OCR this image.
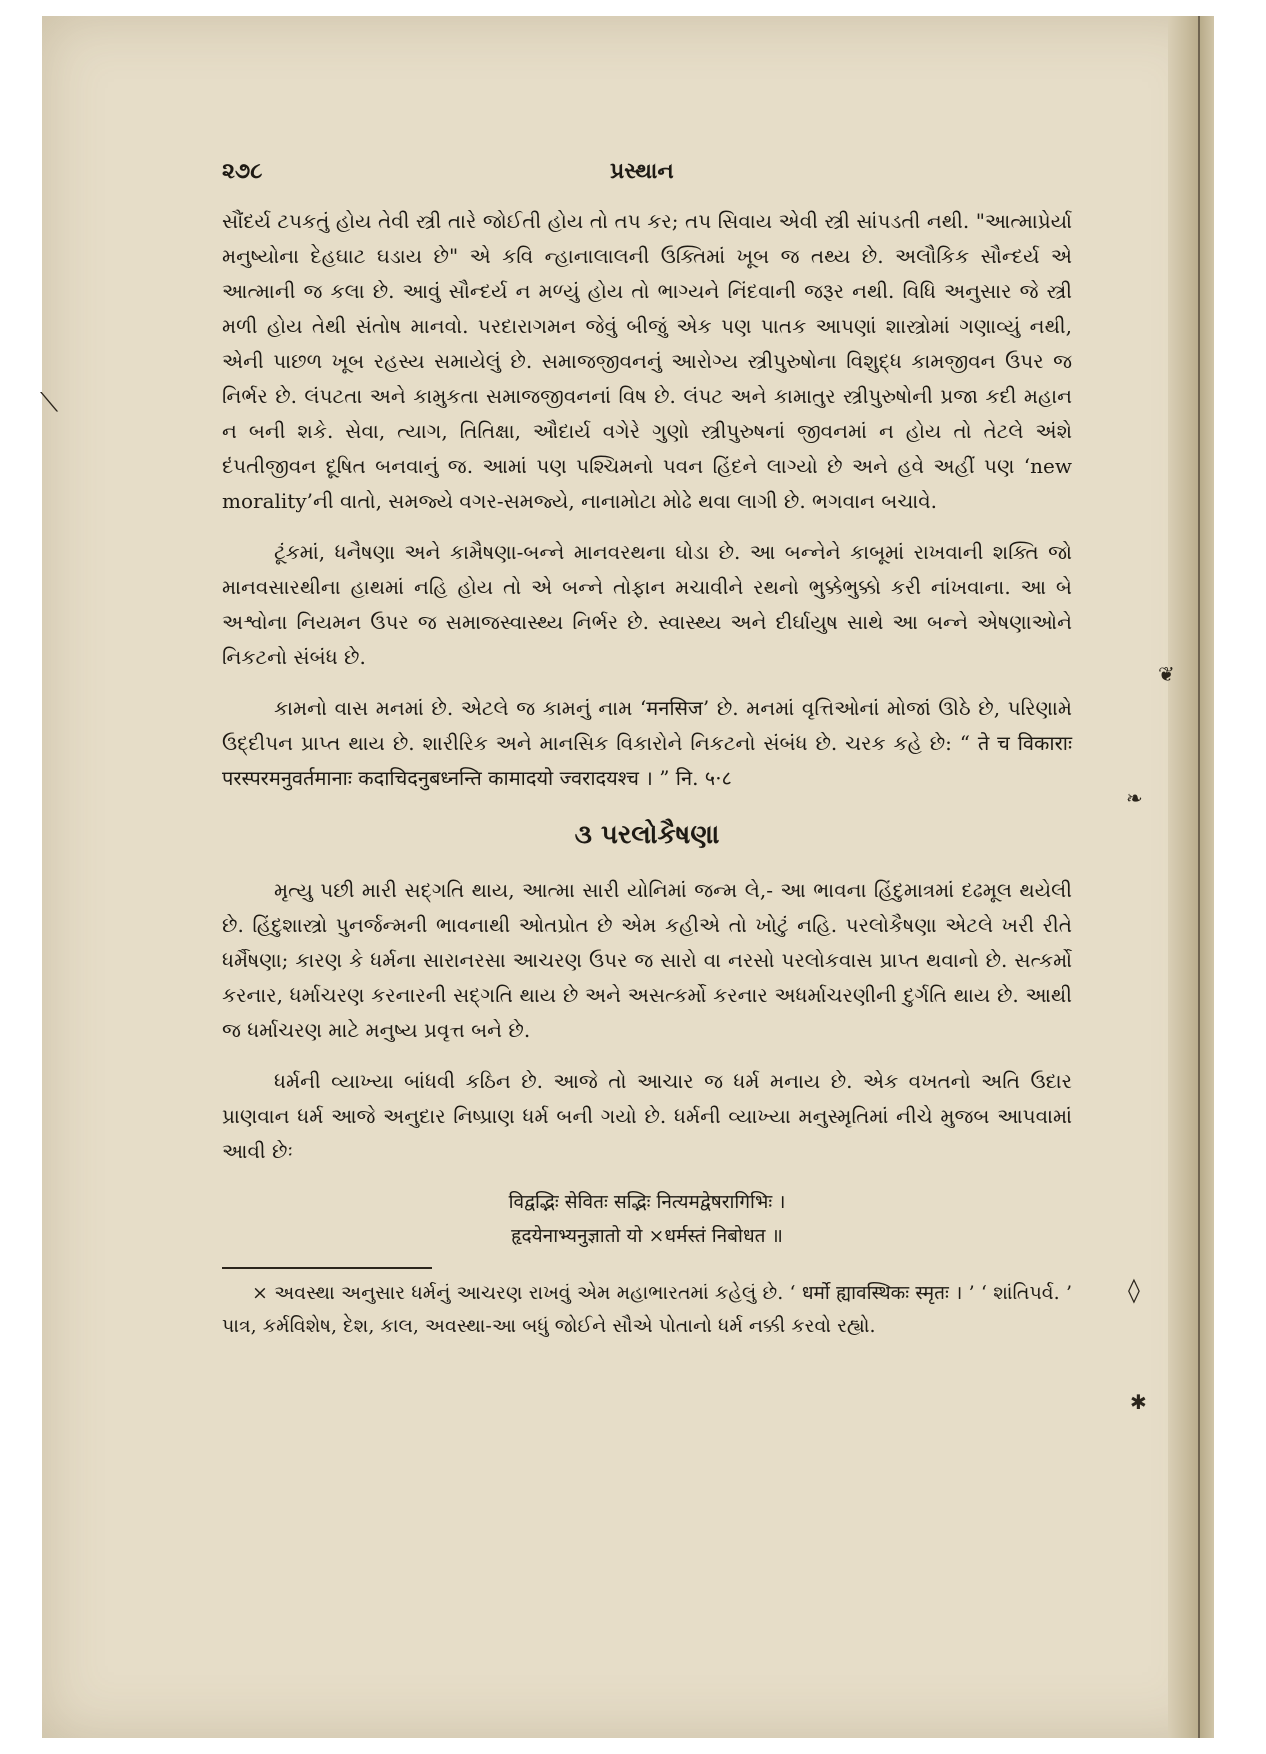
⟍
❦
❧
◊
✱
૨૭૮	પ્રસ્થાન

સૌંદર્ય ટપકતું હોય તેવી સ્ત્રી તારે જોઈતી હોય તો તપ કર; તપ સિવાય એવી સ્ત્રી સાંપડતી નથી. "આત્માપ્રેર્યા મનુષ્યોના દેહઘાટ ઘડાય છે" એ કવિ ન્હાનાલાલની ઉક્તિમાં ખૂબ જ તથ્ય છે. અલૌકિક સૌન્દર્ય એ આત્માની જ કલા છે. આવું સૌન્દર્ય ન મળ્યું હોય તો ભાગ્યને નિંદવાની જરૂર નથી. વિધિ અનુસાર જે સ્ત્રી મળી હોય તેથી સંતોષ માનવો. પરદારાગમન જેવું બીજું એક પણ પાતક આપણાં શાસ્ત્રોમાં ગણાવ્યું નથી, એની પાછળ ખૂબ રહસ્ય સમાયેલું છે. સમાજજીવનનું આરોગ્ય સ્ત્રીપુરુષોના વિશુદ્ધ કામજીવન ઉપર જ નિર્ભર છે. લંપટતા અને કામુકતા સમાજજીવનનાં વિષ છે. લંપટ અને કામાતુર સ્ત્રીપુરુષોની પ્રજા કદી મહાન ન બની શકે. સેવા, ત્યાગ, તિતિક્ષા, ઔદાર્ય વગેરે ગુણો સ્ત્રીપુરુષનાં જીવનમાં ન હોય તો તેટલે અંશે દંપતીજીવન દૂષિત બનવાનું જ. આમાં પણ પશ્ચિમનો પવન હિંદને લાગ્યો છે અને હવે અહીં પણ ‘new morality’ની વાતો, સમજ્યે વગર-સમજ્યે, નાનામોટા મોઢે થવા લાગી છે. ભગવાન બચાવે.

ટૂંકમાં, ધનૈષણા અને કામૈષણા-બન્ને માનવરથના ઘોડા છે. આ બન્નેને કાબૂમાં રાખવાની શક્તિ જો માનવસારથીના હાથમાં નહિ હોય તો એ બન્ને તોફાન મચાવીને રથનો ભુક્કેભુક્કો કરી નાંખવાના. આ બે અશ્વોના નિયમન ઉપર જ સમાજસ્વાસ્થ્ય નિર્ભર છે. સ્વાસ્થ્ય અને દીર્ઘાયુષ સાથે આ બન્ને એષણાઓને નિકટનો સંબંધ છે.

કામનો વાસ મનમાં છે. એટલે જ કામનું નામ ‘मनसिज’ છે. મનમાં વૃત્તિઓનાં મોજાં ઊઠે છે, પરિણામે ઉદ્દીપન પ્રાપ્ત થાય છે. શારીરિક અને માનસિક વિકારોને નિકટનો સંબંધ છે. ચરક કહે છે: “ ते च विकाराः परस्परमनुवर्तमानाः कदाचिदनुबध्नन्ति कामादयो ज्वरादयश्च । ” नि. ५·८

૩ પરલોકૈષણા

મૃત્યુ પછી મારી સદ્ગતિ થાય, આત્મા સારી યોનિમાં જન્મ લે,- આ ભાવના હિંદુમાત્રમાં દઢમૂલ થયેલી છે. હિંદુશાસ્ત્રો પુનર્જન્મની ભાવનાથી ઓતપ્રોત છે એમ કહીએ તો ખોટું નહિ. પરલોકૈષણા એટલે ખરી રીતે ધર્મૈષણા; કારણ કે ધર્મના સારાનરસા આચરણ ઉપર જ સારો વા નરસો પરલોકવાસ પ્રાપ્ત થવાનો છે. સત્કર્મો કરનાર, ધર્માચરણ કરનારની સદ્ગતિ થાય છે અને અસત્કર્મો કરનાર અધર્માચરણીની દુર્ગતિ થાય છે. આથી જ ધર્માચરણ માટે મનુષ્ય પ્રવૃત્ત બને છે.

ધર્મની વ્યાખ્યા બાંધવી કઠિન છે. આજે તો આચાર જ ધર્મ મનાય છે. એક વખતનો અતિ ઉદાર પ્રાણવાન ધર્મ આજે અનુદાર નિષ્પ્રાણ ધર્મ બની ગયો છે. ધર્મની વ્યાખ્યા મનુસ્મૃતિમાં નીચે મુજબ આપવામાં આવી છેઃ

विद्वद्भिः सेवितः सद्भिः नित्यमद्वेषरागिभिः ।
हृदयेनाभ्यनुज्ञातो यो ×धर्मस्तं निबोधत ॥

× અવસ્થા અનુસાર ધર્મનું આચરણ રાખવું એમ મહાભારતમાં કહેલું છે. ‘ धर्मो ह्यावस्थिकः स्मृतः । ’ ‘ શાંતિપર્વ. ’ પાત્ર, કર્મવિશેષ, દેશ, કાલ, અવસ્થા-આ બધું જોઈને સૌએ પોતાનો ધર્મ નક્કી કરવો રહ્યો.
